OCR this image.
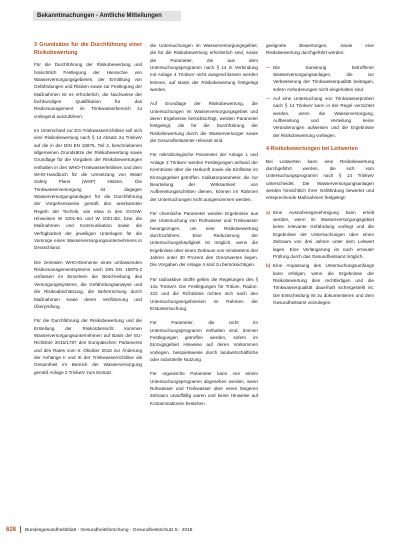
Bekanntmachungen - Amtliche Mitteilungen
3 Grundsätze für die Durchführung einer Risikobewertung

Für die Durchführung der Risikobewertung und hinsichtlich Festlegung der Hierarchie von Wasserversorgungsgebieten, der Ermittlung von Gefährdungen und Risiken sowie zur Festlegung der Maßnahmen ist es erforderlich, die Nachweise der fachkundigen Qualifikation für das Risikomanagement im Trinkwasserbereich zu vorliegend auszuführen.

Im Unterschied zur EG-Trinkwasserrichtlinie soll sich eine Risikobewertung nach § 14 Absatz 2a TrinkwV auf die in der DIN EN 15975, Teil 2, beschriebenen allgemeinen Grundsätze der Risikobewertung sowie Grundlage für die Vorgaben der Risikobewertungen enthalten in den WHO-Trinkwasserleitlinien und dem WHO-Handbuch für die Umsetzung von Water Safety Plans (WSP) stützen. Die Trinkwasserversorgung ist dagegen Wasserversorgungsanlagen für die Durchführung der Vorgehensweise gemäß den anerkannten Regeln der Technik, wie etwa in den DVGW-Hinweisen W 1001-B1 und W 1001-B2, bzw. die Maßnahmen und Kommunikation sowie die Verfügbarkeit der jeweiligen Unterlagen für die Vorsorge eines Wasserversorgungsunternehmens in Deutschland.

Die zentralen WHO-Elemente eines umfassenden Risikomanagementsystems nach DIN EN 15975-2 umfassen im Einzelnen die Beschreibung des Versorgungssystems, die Gefährdungsanalyse und die Risikoabschätzung, die Beherrschung durch Maßnahmen sowie deren Verifizierung und Überprüfung.

Für die Durchführung der Risikobewertung und die Erstellung der Risikoübersicht kommen Wasserversorgungsunternehmen auf Basis der EU-Richtlinie 2015/1787 des Europäischen Parlaments und des Rates vom 6. Oktober 2015 zur Änderung der Anhänge II und III der Trinkwasserrichtlinie als Gesamtheit im Bereich der Wasserversorgung gemäß Anlage 2 TrinkwV zum Einsatz.

die Untersuchungen im Wasserversorgungsgebiet, die für die Risikobewertung erforderlich sind, sowie die Parameter, die aus dem Untersuchungsprogramm nach § 14 in Verbindung mit Anlage 4 TrinkwV nicht ausgeschlossen werden können, auf Basis der Risikobewertung festgelegt werden.

Auf Grundlage der Risikobewertung, die Untersuchungen im Wasserversorgungsgebiet und deren Ergebnisse berücksichtigt, werden Parameter festgelegt, die für die Durchführung der Risikobewertung durch die Wasserversorger sowie die Gesundheitsämter relevant sind.

Für mikrobiologische Parameter der Anlage 1 und Anlage 3 TrinkwV werden Festlegungen anhand der Kenntnisse über die Herkunft sowie die Einflüsse im Einzugsgebiet getroffen. Indikatorparameter, die zur Beurteilung der Wirksamkeit von Aufbereitungsschritten dienen, können im Rahmen der Untersuchungen nicht ausgenommen werden.

Für chemische Parameter werden Ergebnisse aus der Untersuchung von Rohwasser und Trinkwasser herangezogen, um eine Risikobewertung durchzuführen. Eine Reduzierung der Untersuchungshäufigkeit ist möglich, wenn die Ergebnisse über einen Zeitraum von mindestens drei Jahren unter 30 Prozent des Grenzwertes liegen. Die Vorgaben der Anlage 4 sind zu berücksichtigen.

Für radioaktive Stoffe gelten die Regelungen des § 14a TrinkwV. Die Festlegungen für Tritium, Radon-222 und die Richtdosis richten sich nach den Untersuchungsergebnissen im Rahmen der Erstuntersuchung.

Für Parameter, die nicht im Untersuchungsprogramm enthalten sind, können Festlegungen getroffen werden, sofern im Einzugsgebiet Hinweise auf deren Vorkommen vorliegen, beispielsweise durch landwirtschaftliche oder industrielle Nutzung.

Für organische Parameter kann von einem Untersuchungsprogramm abgesehen werden, wenn Rohwasser und Trinkwasser über einen längeren Zeitraum unauffällig waren und keine Hinweise auf Kontaminationen bestehen.

geeignete Bewertungen, sowie eine Risikobewertung durchgeführt werden.

— Die Sanierung betroffener Wasserversorgungsanlagen, die zur Verbesserung der Trinkwasserqualität beitragen, sofern Anforderungen nicht eingehalten sind.
— Auf eine Untersuchung von Trinkwasserproben nach § 14 TrinkwV kann in der Regel verzichtet werden, wenn die Wasserversorgung, Aufbereitung und Verteilung keine Veränderungen aufweisen und die Ergebnisse der Risikobewertung vorliegen.
4 Risikobewertungen bei Leitwerten

Bei Leitwerten kann eine Risikobewertung durchgeführt werden, die sich vom Untersuchungsprogramm nach § 14 TrinkwV unterscheidet. Die Wasserversorgungsanlagen werden hinsichtlich ihrer Gefährdung bewertet und entsprechende Maßnahmen festgelegt:

a) Eine Ausnahmegenehmigung kann erteilt werden, wenn im Wasserversorgungsgebiet keine relevante Gefährdung vorliegt und die Ergebnisse der Untersuchungen über einen Zeitraum von drei Jahren unter dem Leitwert lagen. Eine Verlängerung ist nach erneuter Prüfung durch das Gesundheitsamt möglich.
b) Eine Anpassung des Untersuchungsumfangs kann erfolgen, wenn die Ergebnisse der Risikobewertung dies rechtfertigen und die Trinkwasserqualität dauerhaft sichergestellt ist. Die Entscheidung ist zu dokumentieren und dem Gesundheitsamt vorzulegen.
628 Bundesgesundheitsblatt - Gesundheitsforschung - Gesundheitsschutz 5 · 2018
